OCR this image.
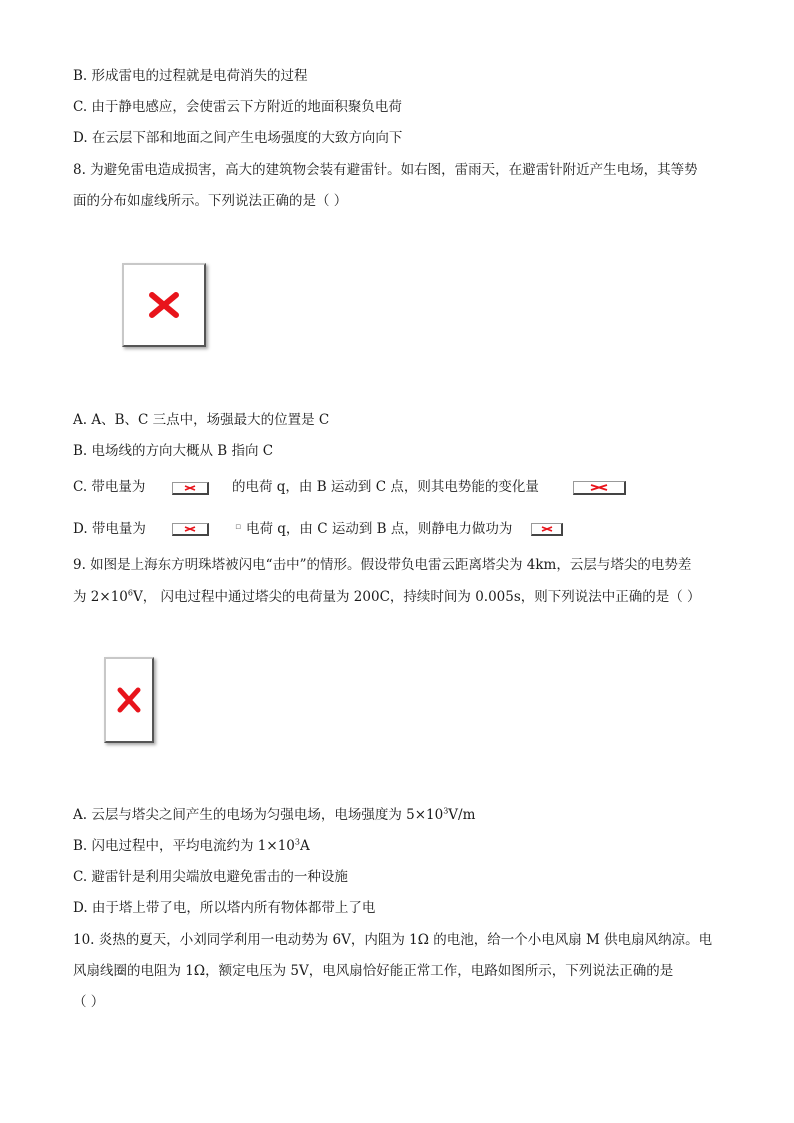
B. 形成雷电的过程就是电荷消失的过程
C. 由于静电感应，会使雷云下方附近的地面积聚负电荷
D. 在云层下部和地面之间产生电场强度的大致方向向下
8. 为避免雷电造成损害，高大的建筑物会装有避雷针。如右图，雷雨天，在避雷针附近产生电场，其等势
面的分布如虚线所示。下列说法正确的是（ ）
A. A、B、C 三点中，场强最大的位置是 C
B. 电场线的方向大概从 B 指向 C
C. 带电量为	的电荷 q，由 B 运动到 C 点，则其电势能的变化量
D. 带电量为	▫ 电荷 q，由 C 运动到 B 点，则静电力做功为
9. 如图是上海东方明珠塔被闪电“击中”的情形。假设带负电雷云距离塔尖为 4km，云层与塔尖的电势差
为 $2\times 10^6V$， 闪电过程中通过塔尖的电荷量为 200C，持续时间为 0.005s，则下列说法中正确的是（ ）
A. 云层与塔尖之间产生的电场为匀强电场，电场强度为 $5\times 10^3V/m$
B. 闪电过程中，平均电流约为 $1\times 10^3A$
C. 避雷针是利用尖端放电避免雷击的一种设施
D. 由于塔上带了电，所以塔内所有物体都带上了电
10. 炎热的夏天，小刘同学利用一电动势为 6V，内阻为 1Ω 的电池，给一个小电风扇 M 供电扇风纳凉。电
风扇线圈的电阻为 1Ω，额定电压为 5V，电风扇恰好能正常工作，电路如图所示，下列说法正确的是
（ ）
